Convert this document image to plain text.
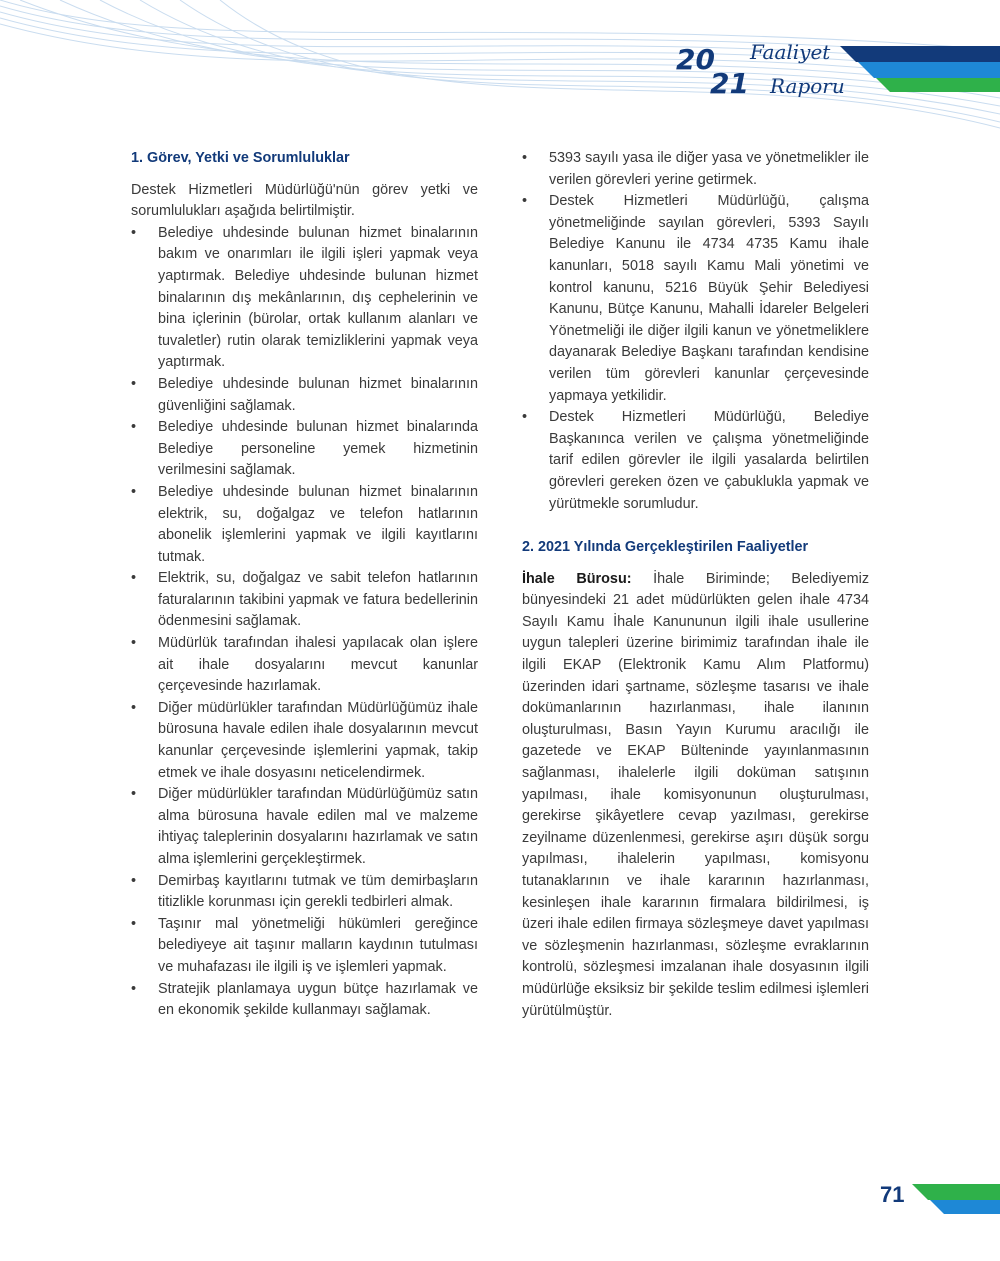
20
21
Faaliyet
Raporu
1. Görev, Yetki ve Sorumluluklar

Destek Hizmetleri Müdürlüğü'nün görev yetki ve sorumlulukları aşağıda belirtilmiştir.

• Belediye uhdesinde bulunan hizmet binalarının bakım ve onarımları ile ilgili işleri yapmak veya yaptırmak. Belediye uhdesinde bulunan hizmet binalarının dış mekânlarının, dış cephelerinin ve bina içlerinin (bürolar, ortak kullanım alanları ve tuvaletler) rutin olarak temizliklerini yapmak veya yaptırmak.
• Belediye uhdesinde bulunan hizmet binalarının güvenliğini sağlamak.
• Belediye uhdesinde bulunan hizmet binalarında Belediye personeline yemek hizmetinin verilmesini sağlamak.
• Belediye uhdesinde bulunan hizmet binalarının elektrik, su, doğalgaz ve telefon hatlarının abonelik işlemlerini yapmak ve ilgili kayıtlarını tutmak.
• Elektrik, su, doğalgaz ve sabit telefon hatlarının faturalarının takibini yapmak ve fatura bedellerinin ödenmesini sağlamak.
• Müdürlük tarafından ihalesi yapılacak olan işlere ait ihale dosyalarını mevcut kanunlar çerçevesinde hazırlamak.
• Diğer müdürlükler tarafından Müdürlüğümüz ihale bürosuna havale edilen ihale dosyalarının mevcut kanunlar çerçevesinde işlemlerini yapmak, takip etmek ve ihale dosyasını neticelendirmek.
• Diğer müdürlükler tarafından Müdürlüğümüz satın alma bürosuna havale edilen mal ve malzeme ihtiyaç taleplerinin dosyalarını hazırlamak ve satın alma işlemlerini gerçekleştirmek.
• Demirbaş kayıtlarını tutmak ve tüm demirbaşların titizlikle korunması için gerekli tedbirleri almak.
• Taşınır mal yönetmeliği hükümleri gereğince belediyeye ait taşınır malların kaydının tutulması ve muhafazası ile ilgili iş ve işlemleri yapmak.
• Stratejik planlamaya uygun bütçe hazırlamak ve en ekonomik şekilde kullanmayı sağlamak.
• 5393 sayılı yasa ile diğer yasa ve yönetmelikler ile verilen görevleri yerine getirmek.
• Destek Hizmetleri Müdürlüğü, çalışma yönetmeliğinde sayılan görevleri, 5393 Sayılı Belediye Kanunu ile 4734 4735 Kamu ihale kanunları, 5018 sayılı Kamu Mali yönetimi ve kontrol kanunu, 5216 Büyük Şehir Belediyesi Kanunu, Bütçe Kanunu, Mahalli İdareler Belgeleri Yönetmeliği ile diğer ilgili kanun ve yönetmeliklere dayanarak Belediye Başkanı tarafından kendisine verilen tüm görevleri kanunlar çerçevesinde yapmaya yetkilidir.
• Destek Hizmetleri Müdürlüğü, Belediye Başkanınca verilen ve çalışma yönetmeliğinde tarif edilen görevler ile ilgili yasalarda belirtilen görevleri gereken özen ve çabuklukla yapmak ve yürütmekle sorumludur.
2. 2021 Yılında Gerçekleştirilen Faaliyetler

İhale Bürosu: İhale Biriminde; Belediyemiz bünyesindeki 21 adet müdürlükten gelen ihale 4734 Sayılı Kamu İhale Kanununun ilgili ihale usullerine uygun talepleri üzerine birimimiz tarafından ihale ile ilgili EKAP (Elektronik Kamu Alım Platformu) üzerinden idari şartname, sözleşme tasarısı ve ihale dokümanlarının hazırlanması, ihale ilanının oluşturulması, Basın Yayın Kurumu aracılığı ile gazetede ve EKAP Bülteninde yayınlanmasının sağlanması, ihalelerle ilgili doküman satışının yapılması, ihale komisyonunun oluşturulması, gerekirse şikâyetlere cevap yazılması, gerekirse zeyilname düzenlenmesi, gerekirse aşırı düşük sorgu yapılması, ihalelerin yapılması, komisyonu tutanaklarının ve ihale kararının hazırlanması, kesinleşen ihale kararının firmalara bildirilmesi, iş üzeri ihale edilen firmaya sözleşmeye davet yapılması ve sözleşmenin hazırlanması, sözleşme evraklarının kontrolü, sözleşmesi imzalanan ihale dosyasının ilgili müdürlüğe eksiksiz bir şekilde teslim edilmesi işlemleri yürütülmüştür.

71
